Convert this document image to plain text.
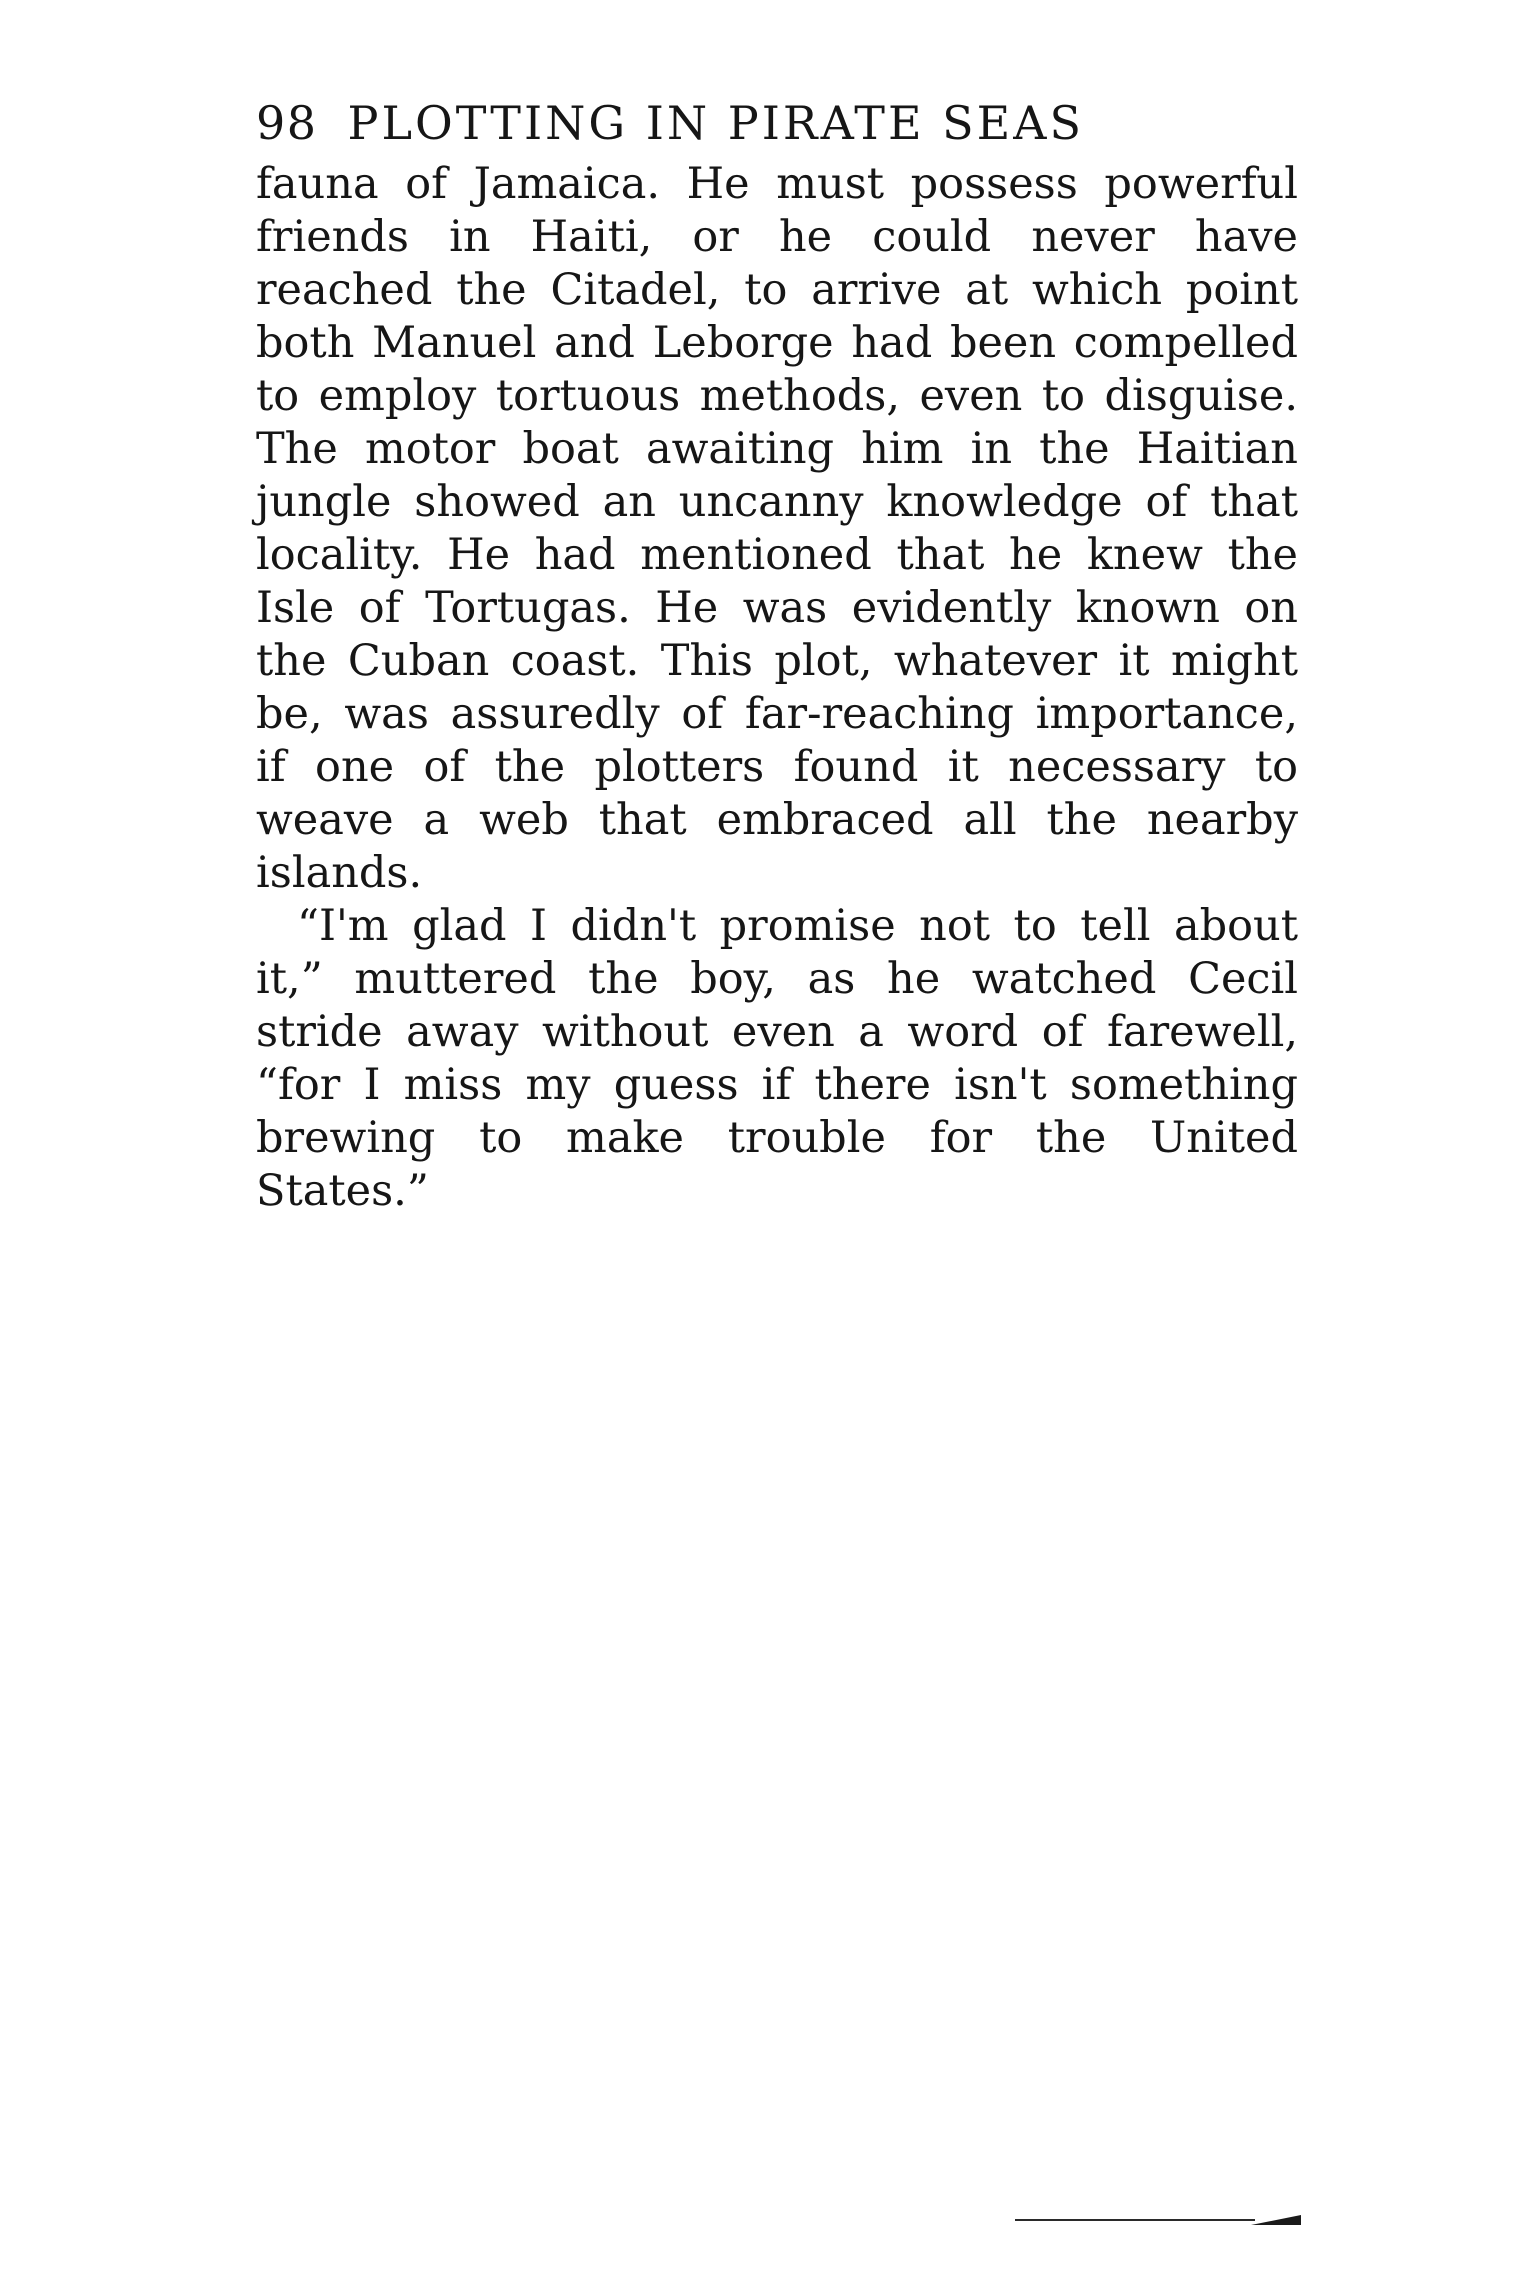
98 PLOTTING IN PIRATE SEAS

fauna of Jamaica. He must possess powerful friends in Haiti, or he could never have reached the Citadel, to arrive at which point both Manuel and Leborge had been compelled to employ tortuous methods, even to disguise. The motor boat awaiting him in the Haitian jungle showed an uncanny knowledge of that locality. He had mentioned that he knew the Isle of Tortugas. He was evidently known on the Cuban coast. This plot, whatever it might be, was assuredly of far-reaching importance, if one of the plotters found it necessary to weave a web that embraced all the nearby islands.

“I'm glad I didn't promise not to tell about it,” muttered the boy, as he watched Cecil stride away without even a word of farewell, “for I miss my guess if there isn't something brewing to make trouble for the United States.”
